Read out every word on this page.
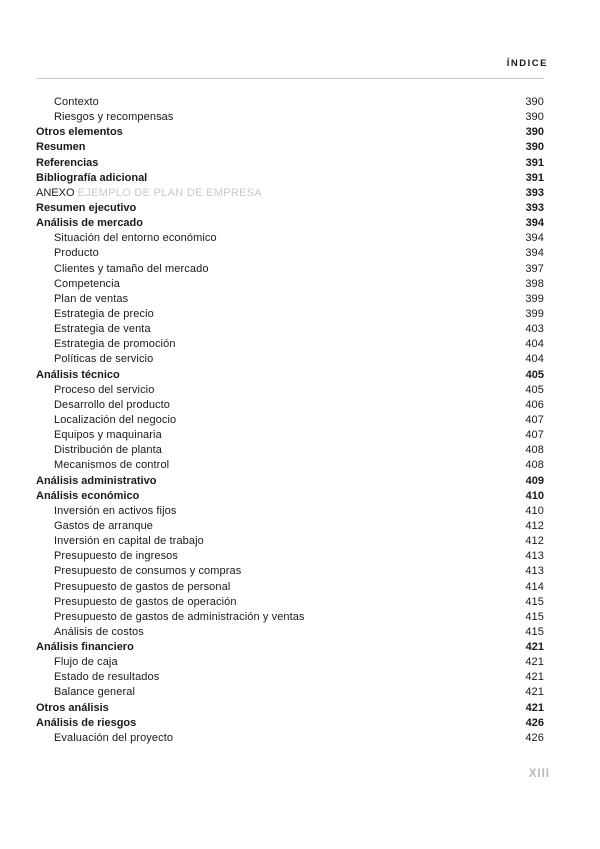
ÍNDICE
Contexto	390
Riesgos y recompensas	390
Otros elementos	390
Resumen	390
Referencias	391
Bibliografía adicional	391
ANEXO EJEMPLO DE PLAN DE EMPRESA	393
Resumen ejecutivo	393
Análisis de mercado	394
Situación del entorno económico	394
Producto	394
Clientes y tamaño del mercado	397
Competencia	398
Plan de ventas	399
Estrategia de precio	399
Estrategia de venta	403
Estrategia de promoción	404
Políticas de servicio	404
Análisis técnico	405
Proceso del servicio	405
Desarrollo del producto	406
Localización del negocio	407
Equipos y maquinaria	407
Distribución de planta	408
Mecanismos de control	408
Análisis administrativo	409
Análisis económico	410
Inversión en activos fijos	410
Gastos de arranque	412
Inversión en capital de trabajo	412
Presupuesto de ingresos	413
Presupuesto de consumos y compras	413
Presupuesto de gastos de personal	414
Presupuesto de gastos de operación	415
Presupuesto de gastos de administración y ventas	415
Análisis de costos	415
Análisis financiero	421
Flujo de caja	421
Estado de resultados	421
Balance general	421
Otros análisis	421
Análisis de riesgos	426
Evaluación del proyecto	426
XIII
